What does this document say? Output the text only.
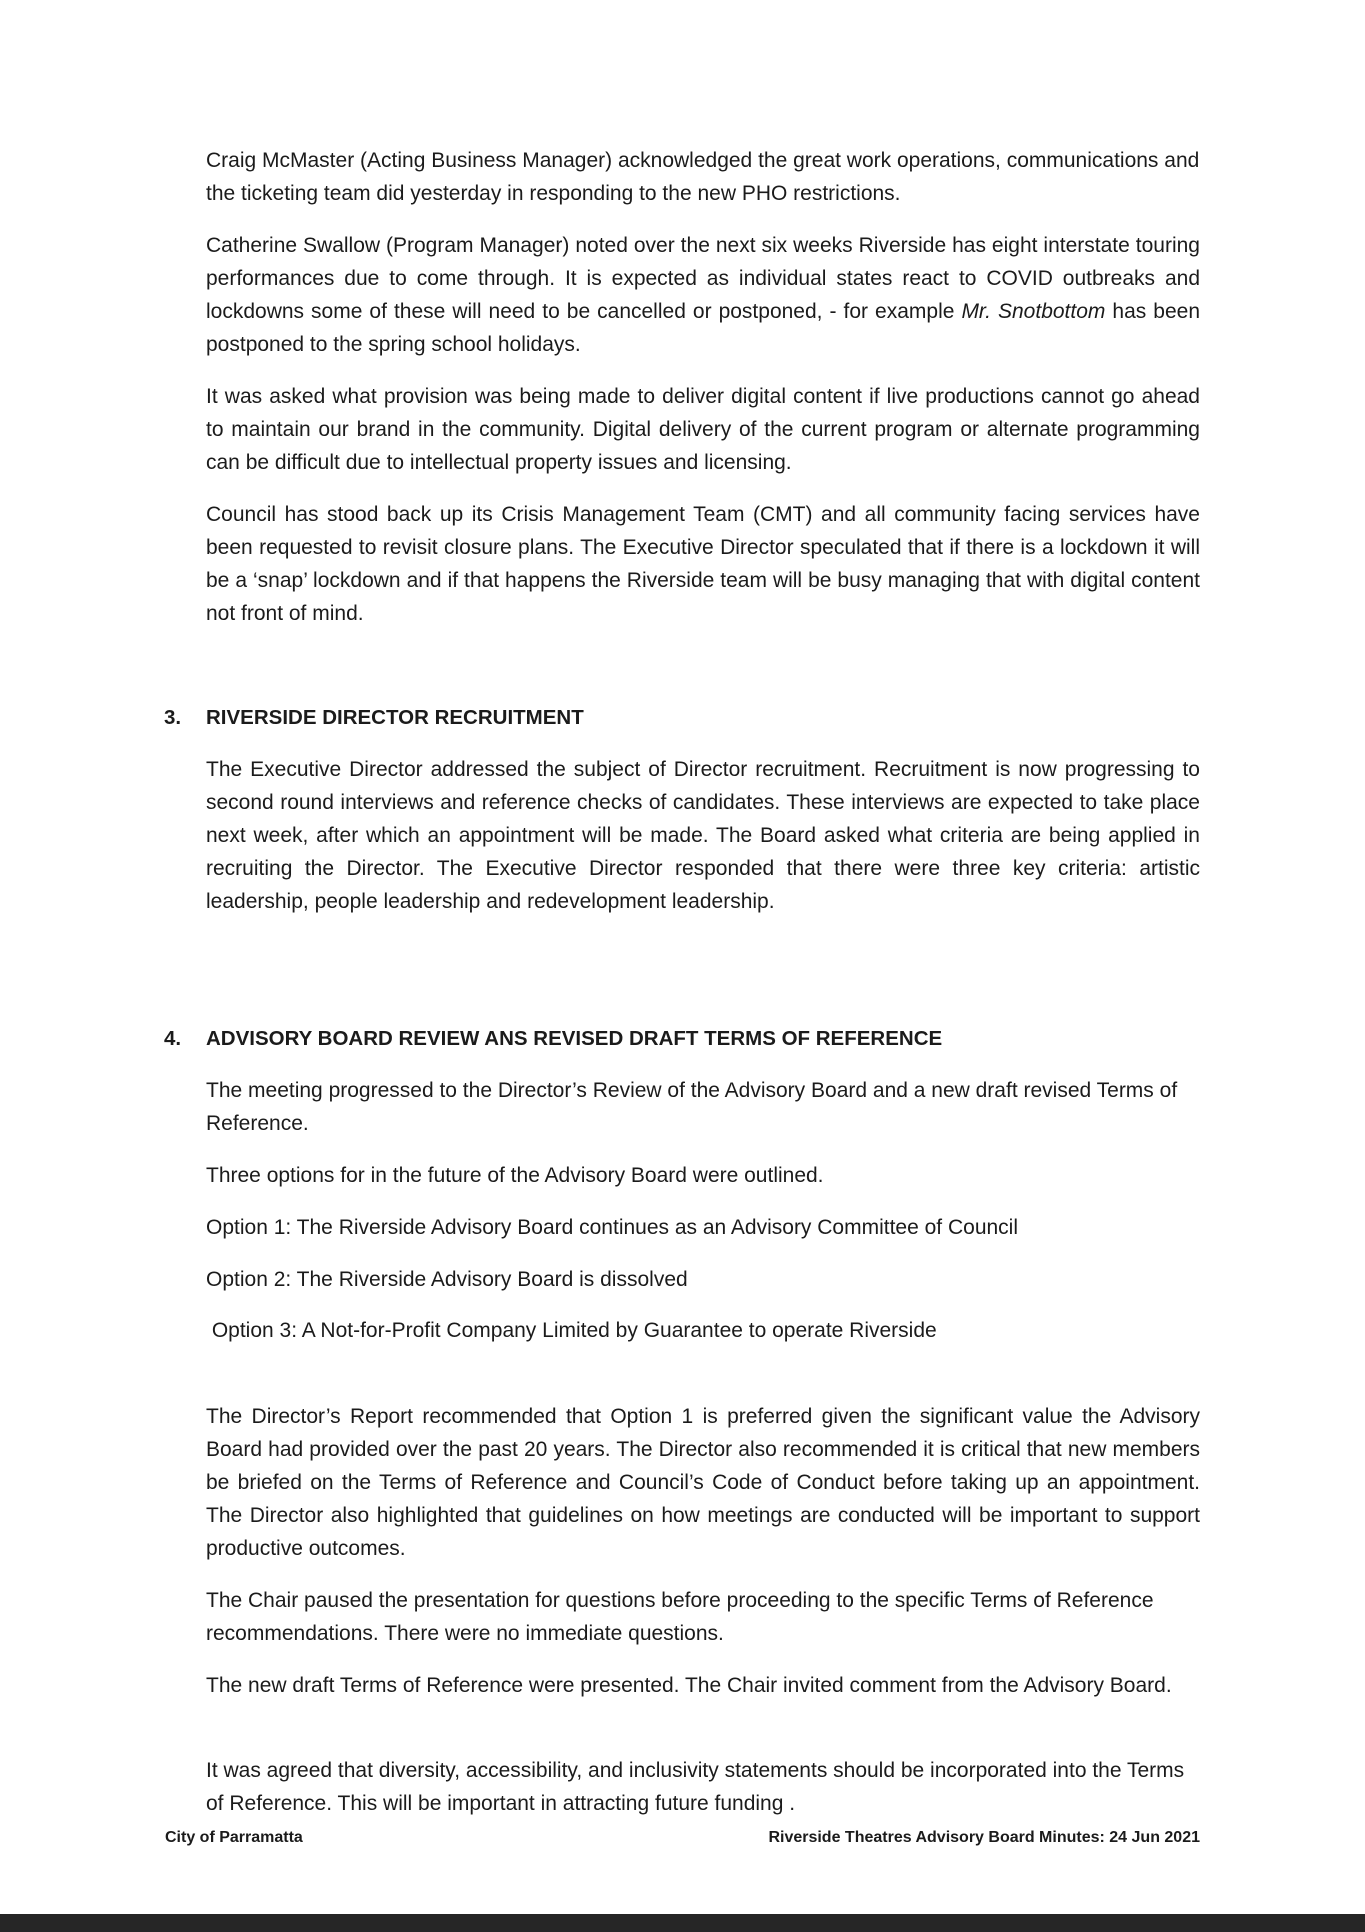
Craig McMaster (Acting Business Manager) acknowledged the great work operations, communications and the ticketing team did yesterday in responding to the new PHO restrictions.

Catherine Swallow (Program Manager) noted over the next six weeks Riverside has eight interstate touring performances due to come through. It is expected as individual states react to COVID outbreaks and lockdowns some of these will need to be cancelled or postponed, - for example Mr. Snotbottom has been postponed to the spring school holidays.

It was asked what provision was being made to deliver digital content if live productions cannot go ahead to maintain our brand in the community. Digital delivery of the current program or alternate programming can be difficult due to intellectual property issues and licensing.

Council has stood back up its Crisis Management Team (CMT) and all community facing services have been requested to revisit closure plans. The Executive Director speculated that if there is a lockdown it will be a ‘snap’ lockdown and if that happens the Riverside team will be busy managing that with digital content not front of mind.

3. RIVERSIDE DIRECTOR RECRUITMENT

The Executive Director addressed the subject of Director recruitment. Recruitment is now progressing to second round interviews and reference checks of candidates. These interviews are expected to take place next week, after which an appointment will be made. The Board asked what criteria are being applied in recruiting the Director. The Executive Director responded that there were three key criteria: artistic leadership, people leadership and redevelopment leadership.

4. ADVISORY BOARD REVIEW ANS REVISED DRAFT TERMS OF REFERENCE

The meeting progressed to the Director’s Review of the Advisory Board and a new draft revised Terms of Reference.

Three options for in the future of the Advisory Board were outlined.

Option 1: The Riverside Advisory Board continues as an Advisory Committee of Council

Option 2: The Riverside Advisory Board is dissolved

Option 3: A Not-for-Profit Company Limited by Guarantee to operate Riverside

The Director’s Report recommended that Option 1 is preferred given the significant value the Advisory Board had provided over the past 20 years. The Director also recommended it is critical that new members be briefed on the Terms of Reference and Council’s Code of Conduct before taking up an appointment. The Director also highlighted that guidelines on how meetings are conducted will be important to support productive outcomes.

The Chair paused the presentation for questions before proceeding to the specific Terms of Reference recommendations. There were no immediate questions.

The new draft Terms of Reference were presented. The Chair invited comment from the Advisory Board.

It was agreed that diversity, accessibility, and inclusivity statements should be incorporated into the Terms of Reference. This will be important in attracting future funding .

City of Parramatta	Riverside Theatres Advisory Board Minutes: 24 Jun 2021
